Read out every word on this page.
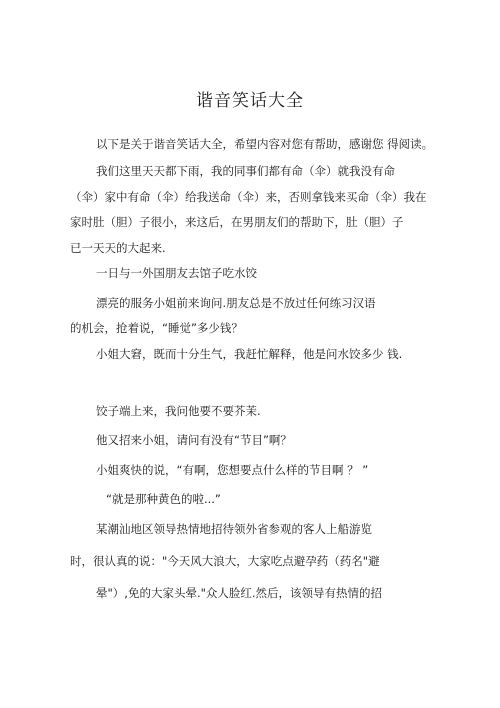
谐音笑话大全
以下是关于谐音笑话大全，希望内容对您有帮助，感谢您 得阅读。
我们这里天天都下雨，我的同事们都有命（伞）就我没有命
（伞）家中有命（伞）给我送命（伞）来，否则拿钱来买命（伞）我在
家时肚（胆）子很小，来这后，在男朋友们的帮助下，肚（胆）子
已一天天的大起来.
一日与一外国朋友去馆子吃水饺
漂亮的服务小姐前来询问.朋友总是不放过任何练习汉语
的机会，抢着说，“睡觉”多少钱？
小姐大窘，既而十分生气，我赶忙解释，他是问水饺多少 钱.
饺子端上来，我问他要不要芥茉.
他又招来小姐，请问有没有“节目”啊？
小姐爽快的说，“有啊，您想要点什么样的节目啊 ？ ”
“就是那种黄色的啦...”
某潮汕地区领导热情地招待领外省参观的客人上船游览
时，很认真的说："今天风大浪大，大家吃点避孕药（药名"避
晕"）,免的大家头晕."众人脸红.然后，该领导有热情的招
